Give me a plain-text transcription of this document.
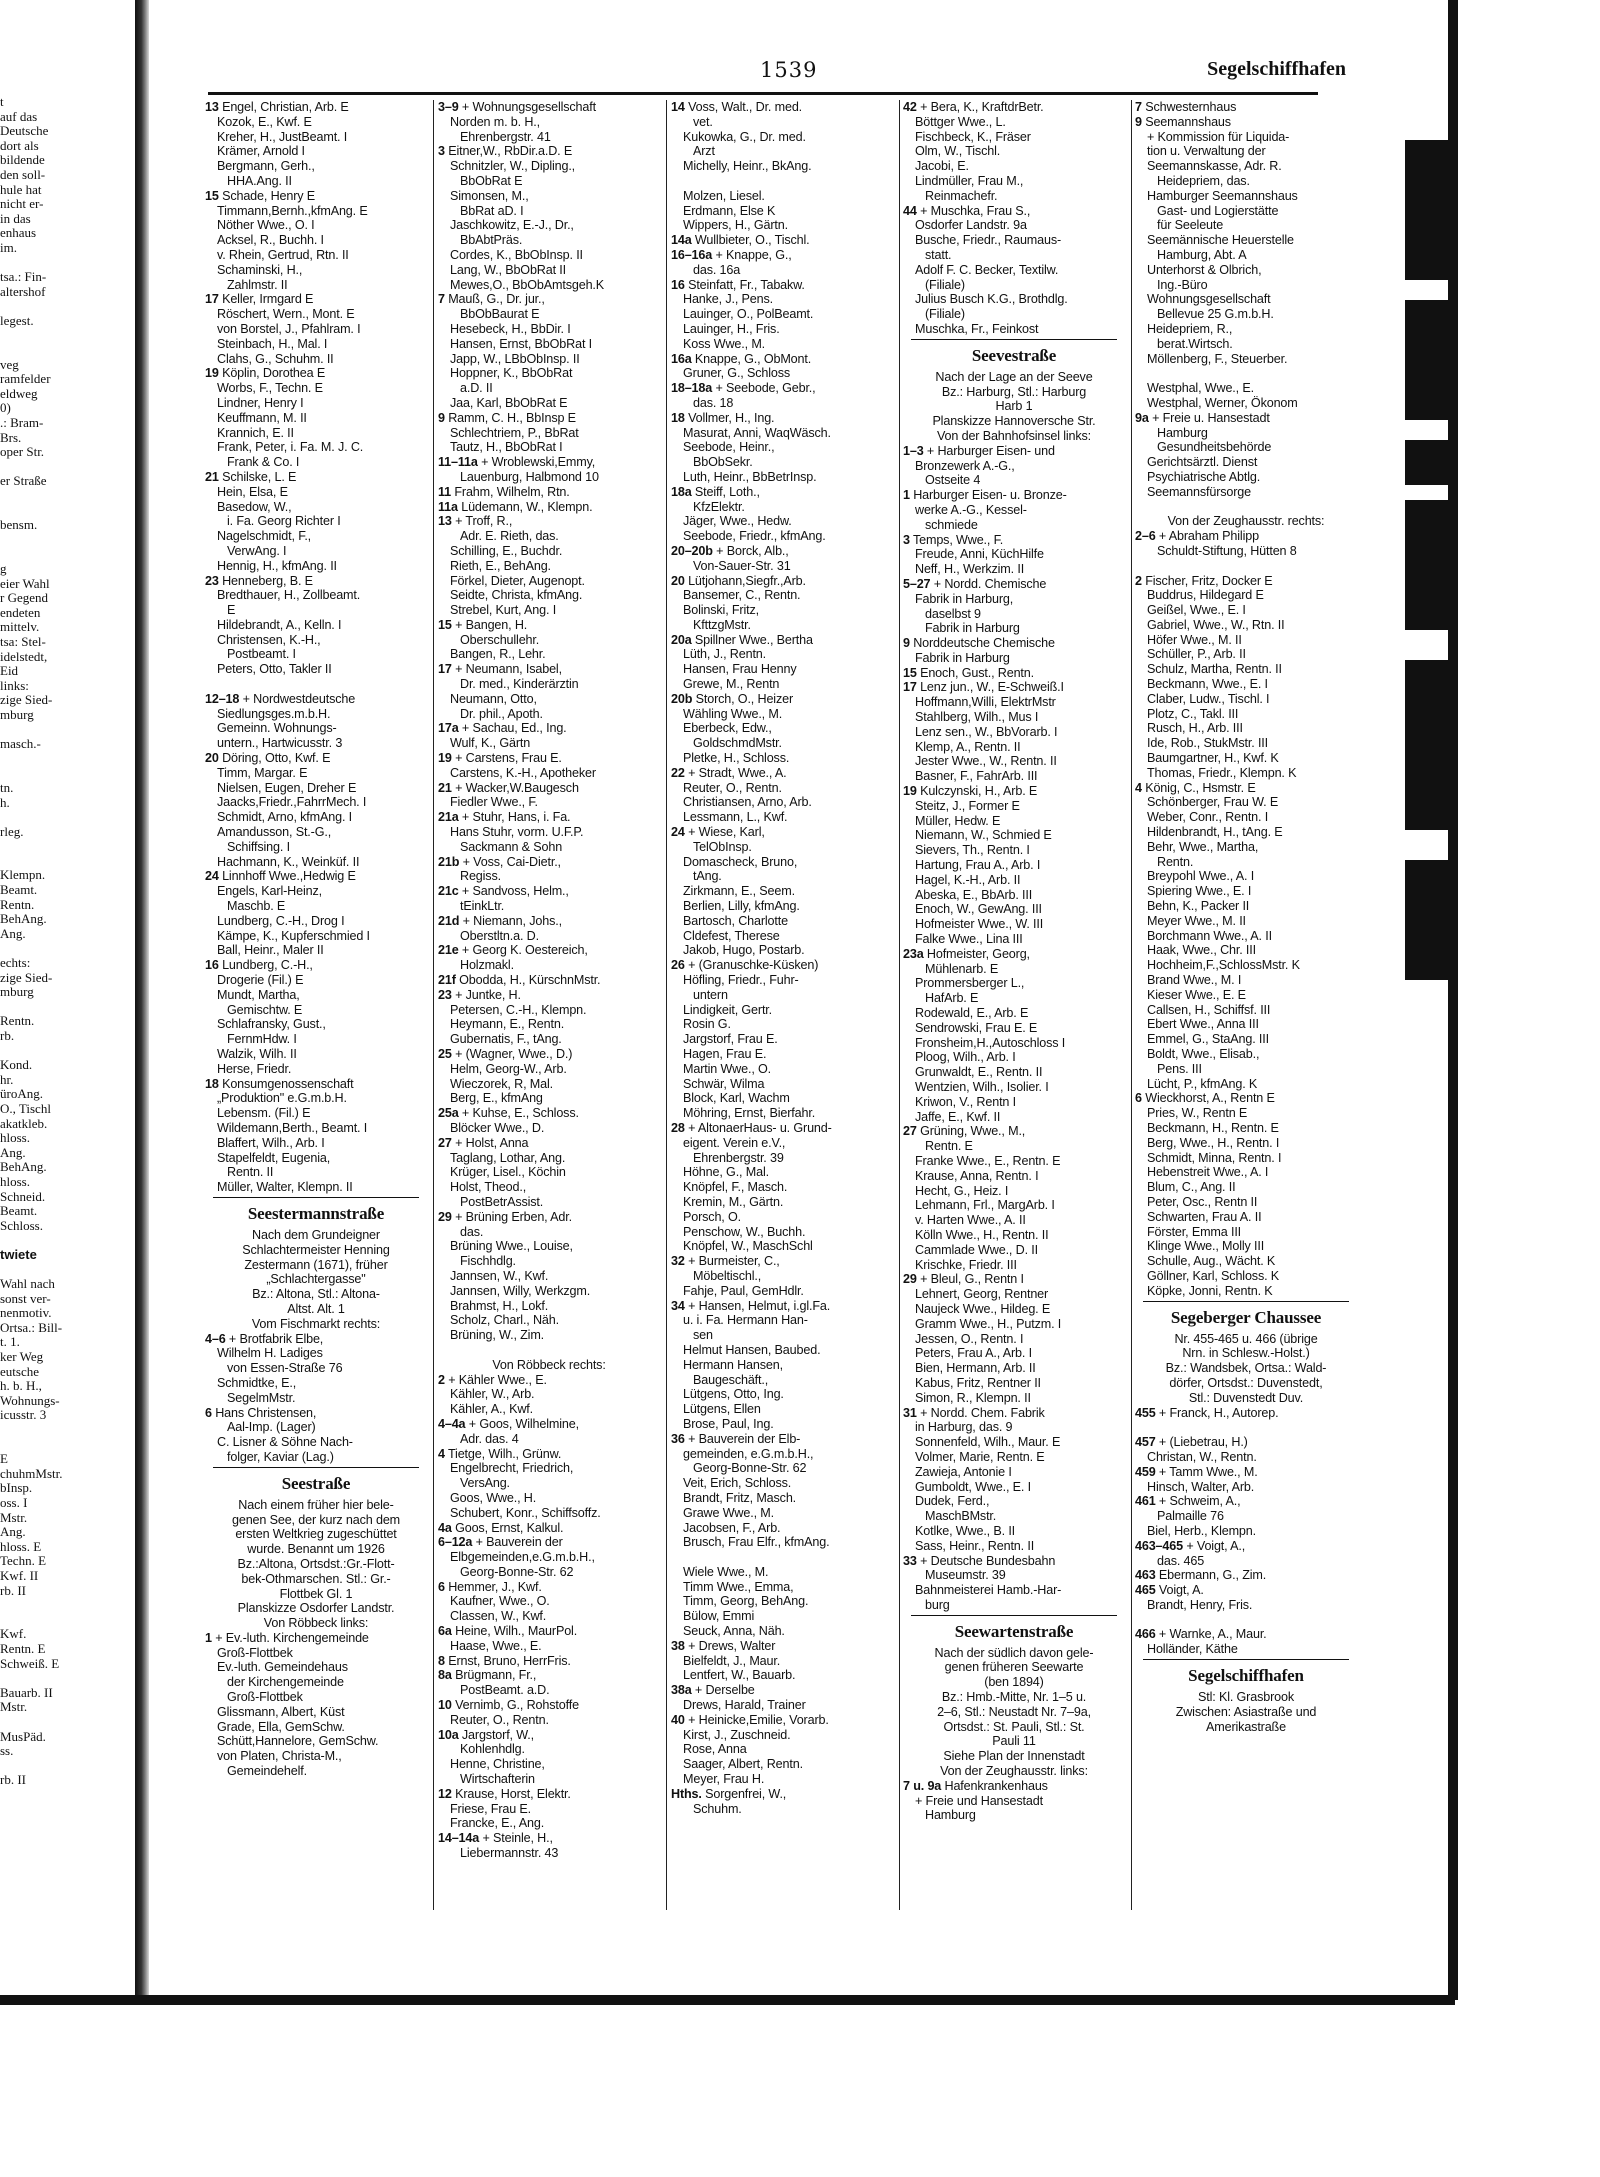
t
auf das
Deutsche
dort als
bildende
den soll-
hule hat
nicht er-
in das
enhaus
im.

tsa.: Fin-
altershof

legest.

veg
ramfelder
eldweg
0)
.: Bram-
Brs.
oper Str.

er Straße

bensm.

g
eier Wahl
r Gegend
endeten
mittelv.
tsa: Stel-
idelstedt,
Eid
links:
zige Sied-
mburg

masch.-

tn.
h.

rleg.

Klempn.
Beamt.
Rentn.
BehAng.
Ang.

echts:
zige Sied-
mburg

Rentn.
rb.

Kond.
hr.
üroAng.
O., Tischl
akatkleb.
hloss.
Ang.
BehAng.
hloss.
Schneid.
Beamt.
Schloss.

twiete

Wahl nach
sonst ver-
nenmotiv.
Ortsa.: Bill-
t. 1.
ker Weg
eutsche
h. b. H.,
Wohnungs-
icusstr. 3

E
chuhmMstr.
bInsp.
oss. I
Mstr.
Ang.
hloss. E
Techn. E
Kwf. II
rb. II

Kwf.
Rentn. E
Schweiß. E

Bauarb. II
Mstr.

MusPäd.
ss.

rb. II
1539	Segelschiffhafen
13 Engel, Christian, Arb. E
Kozok, E., Kwf. E
Kreher, H., JustBeamt. I
Krämer, Arnold I
Bergmann, Gerh.,
HHA.Ang. II
15 Schade, Henry E
Timmann,Bernh.,kfmAng. E
Nöther Wwe., O. I
Acksel, R., Buchh. I
v. Rhein, Gertrud, Rtn. II
Schaminski, H.,
Zahlmstr. II
17 Keller, Irmgard E
Röschert, Wern., Mont. E
von Borstel, J., Pfahlram. I
Steinbach, H., Mal. I
Clahs, G., Schuhm. II
19 Köplin, Dorothea E
Worbs, F., Techn. E
Lindner, Henry I
Keuffmann, M. II
Krannich, E. II
Frank, Peter, i. Fa. M. J. C.
Frank & Co. I
21 Schilske, L. E
Hein, Elsa, E
Basedow, W.,
i. Fa. Georg Richter I
Nagelschmidt, F.,
VerwAng. I
Hennig, H., kfmAng. II
23 Henneberg, B. E
Bredthauer, H., Zollbeamt.
E
Hildebrandt, A., Kelln. I
Christensen, K.-H.,
Postbeamt. I
Peters, Otto, Takler II

12–18 + Nordwestdeutsche
Siedlungsges.m.b.H.
Gemeinn. Wohnungs-
untern., Hartwicusstr. 3
20 Döring, Otto, Kwf. E
Timm, Margar. E
Nielsen, Eugen, Dreher E
Jaacks,Friedr.,FahrrMech. I
Schmidt, Arno, kfmAng. I
Amandusson, St.-G.,
Schiffsing. I
Hachmann, K., Weinküf. II
24 Linnhoff Wwe.,Hedwig E
Engels, Karl-Heinz,
Maschb. E
Lundberg, C.-H., Drog I
Kämpe, K., Kupferschmied I
Ball, Heinr., Maler II
16 Lundberg, C.-H.,
Drogerie (Fil.) E
Mundt, Martha,
Gemischtw. E
Schlafransky, Gust.,
FernmHdw. I
Walzik, Wilh. II
Herse, Friedr.
18 Konsumgenossenschaft
„Produktion" e.G.m.b.H.
Lebensm. (Fil.) E
Wildemann,Berth., Beamt. I
Blaffert, Wilh., Arb. I
Stapelfeldt, Eugenia,
Rentn. II
Müller, Walter, Klempn. II
Seestermannstraße
Nach dem Grundeigner
Schlachtermeister Henning
Zestermann (1671), früher
„Schlachtergasse"
Bz.: Altona, Stl.: Altona-
Altst. Alt. 1
Vom Fischmarkt rechts:
4–6 + Brotfabrik Elbe,
Wilhelm H. Ladiges
von Essen-Straße 76
Schmidtke, E.,
SegelmMstr.
6 Hans Christensen,
Aal-Imp. (Lager)
C. Lisner & Söhne Nach-
folger, Kaviar (Lag.)
Seestraße
Nach einem früher hier bele-
genen See, der kurz nach dem
ersten Weltkrieg zugeschüttet
wurde. Benannt um 1926
Bz.:Altona, Ortsdst.:Gr.-Flott-
bek-Othmarschen. Stl.: Gr.-
Flottbek Gl. 1
Planskizze Osdorfer Landstr.
Von Röbbeck links:
1 + Ev.-luth. Kirchengemeinde
Groß-Flottbek
Ev.-luth. Gemeindehaus
der Kirchengemeinde
Groß-Flottbek
Glissmann, Albert, Küst
Grade, Ella, GemSchw.
Schütt,Hannelore, GemSchw.
von Platen, Christa-M.,
Gemeindehelf.
3–9 + Wohnungsgesellschaft
Norden m. b. H.,
Ehrenbergstr. 41
3 Eitner,W., RbDir.a.D. E
Schnitzler, W., Dipling.,
BbObRat E
Simonsen, M.,
BbRat aD. I
Jaschkowitz, E.-J., Dr.,
BbAbtPräs.
Cordes, K., BbObInsp. II
Lang, W., BbObRat II
Mewes,O., BbObAmtsgeh.K
7 Mauß, G., Dr. jur.,
BbObBaurat E
Hesebeck, H., BbDir. I
Hansen, Ernst, BbObRat I
Japp, W., LBbObInsp. II
Hoppner, K., BbObRat
a.D. II
Jaa, Karl, BbObRat E
9 Ramm, C. H., BbInsp E
Schlechtriem, P., BbRat
Tautz, H., BbObRat I
11–11a + Wroblewski,Emmy,
Lauenburg, Halbmond 10
11 Frahm, Wilhelm, Rtn.
11a Lüdemann, W., Klempn.
13 + Troff, R.,
Adr. E. Rieth, das.
Schilling, E., Buchdr.
Rieth, E., BehAng.
Förkel, Dieter, Augenopt.
Seidte, Christa, kfmAng.
Strebel, Kurt, Ang. I
15 + Bangen, H.
Oberschullehr.
Bangen, R., Lehr.
17 + Neumann, Isabel,
Dr. med., Kinderärztin
Neumann, Otto,
Dr. phil., Apoth.
17a + Sachau, Ed., Ing.
Wulf, K., Gärtn
19 + Carstens, Frau E.
Carstens, K.-H., Apotheker
21 + Wacker,W.Baugesch
Fiedler Wwe., F.
21a + Stuhr, Hans, i. Fa.
Hans Stuhr, vorm. U.F.P.
Sackmann & Sohn
21b + Voss, Cai-Dietr.,
Regiss.
21c + Sandvoss, Helm.,
tEinkLtr.
21d + Niemann, Johs.,
Oberstltn.a. D.
21e + Georg K. Oestereich,
Holzmakl.
21f Obodda, H., KürschnMstr.
23 + Juntke, H.
Petersen, C.-H., Klempn.
Heymann, E., Rentn.
Gubernatis, F., tAng.
25 + (Wagner, Wwe., D.)
Helm, Georg-W., Arb.
Wieczorek, R, Mal.
Berg, E., kfmAng
25a + Kuhse, E., Schloss.
Blöcker Wwe., D.
27 + Holst, Anna
Taglang, Lothar, Ang.
Krüger, Lisel., Köchin
Holst, Theod.,
PostBetrAssist.
29 + Brüning Erben, Adr.
das.
Brüning Wwe., Louise,
Fischhdlg.
Jannsen, W., Kwf.
Jannsen, Willy, Werkzgm.
Brahmst, H., Lokf.
Scholz, Charl., Näh.
Brüning, W., Zim.

Von Röbbeck rechts:
2 + Kähler Wwe., E.
Kähler, W., Arb.
Kähler, A., Kwf.
4–4a + Goos, Wilhelmine,
Adr. das. 4
4 Tietge, Wilh., Grünw.
Engelbrecht, Friedrich,
VersAng.
Goos, Wwe., H.
Schubert, Konr., Schiffsoffz.
4a Goos, Ernst, Kalkul.
6–12a + Bauverein der
Elbgemeinden,e.G.m.b.H.,
Georg-Bonne-Str. 62
6 Hemmer, J., Kwf.
Kaufner, Wwe., O.
Classen, W., Kwf.
6a Heine, Wilh., MaurPol.
Haase, Wwe., E.
8 Ernst, Bruno, HerrFris.
8a Brügmann, Fr.,
PostBeamt. a.D.
10 Vernimb, G., Rohstoffe
Reuter, O., Rentn.
10a Jargstorf, W.,
Kohlenhdlg.
Henne, Christine,
Wirtschafterin
12 Krause, Horst, Elektr.
Friese, Frau E.
Francke, E., Ang.
14–14a + Steinle, H.,
Liebermannstr. 43
14 Voss, Walt., Dr. med.
vet.
Kukowka, G., Dr. med.
Arzt
Michelly, Heinr., BkAng.

Molzen, Liesel.
Erdmann, Else K
Wippers, H., Gärtn.
14a Wullbieter, O., Tischl.
16–16a + Knappe, G.,
das. 16a
16 Steinfatt, Fr., Tabakw.
Hanke, J., Pens.
Lauinger, O., PolBeamt.
Lauinger, H., Fris.
Koss Wwe., M.
16a Knappe, G., ObMont.
Gruner, G., Schloss
18–18a + Seebode, Gebr.,
das. 18
18 Vollmer, H., Ing.
Masurat, Anni, WaqWäsch.
Seebode, Heinr.,
BbObSekr.
Luth, Heinr., BbBetrInsp.
18a Steiff, Loth.,
KfzElektr.
Jäger, Wwe., Hedw.
Seebode, Friedr., kfmAng.
20–20b + Borck, Alb.,
Von-Sauer-Str. 31
20 Lütjohann,Siegfr.,Arb.
Bansemer, C., Rentn.
Bolinski, Fritz,
KfttzgMstr.
20a Spillner Wwe., Bertha
Lüth, J., Rentn.
Hansen, Frau Henny
Grewe, M., Rentn
20b Storch, O., Heizer
Wähling Wwe., M.
Eberbeck, Edw.,
GoldschmdMstr.
Pletke, H., Schloss.
22 + Stradt, Wwe., A.
Reuter, O., Rentn.
Christiansen, Arno, Arb.
Lessmann, L., Kwf.
24 + Wiese, Karl,
TelObInsp.
Domascheck, Bruno,
tAng.
Zirkmann, E., Seem.
Berlien, Lilly, kfmAng.
Bartosch, Charlotte
Cldefest, Therese
Jakob, Hugo, Postarb.
26 + (Granuschke-Küsken)
Höfling, Friedr., Fuhr-
untern
Lindigkeit, Gertr.
Rosin G.
Jargstorf, Frau E.
Hagen, Frau E.
Martin Wwe., O.
Schwär, Wilma
Block, Karl, Wachm
Möhring, Ernst, Bierfahr.
28 + AltonaerHaus- u. Grund-
eigent. Verein e.V.,
Ehrenbergstr. 39
Höhne, G., Mal.
Knöpfel, F., Masch.
Kremin, M., Gärtn.
Porsch, O.
Penschow, W., Buchh.
Knöpfel, W., MaschSchl
32 + Burmeister, C.,
Möbeltischl.,
Fahje, Paul, GemHdlr.
34 + Hansen, Helmut, i.gl.Fa.
u. i. Fa. Hermann Han-
sen
Helmut Hansen, Baubed.
Hermann Hansen,
Baugeschäft.,
Lütgens, Otto, Ing.
Lütgens, Ellen
Brose, Paul, Ing.
36 + Bauverein der Elb-
gemeinden, e.G.m.b.H.,
Georg-Bonne-Str. 62
Veit, Erich, Schloss.
Brandt, Fritz, Masch.
Grawe Wwe., M.
Jacobsen, F., Arb.
Brusch, Frau Elfr., kfmAng.

Wiele Wwe., M.
Timm Wwe., Emma,
Timm, Georg, BehAng.
Bülow, Emmi
Seuck, Anna, Näh.
38 + Drews, Walter
Bielfeldt, J., Maur.
Lentfert, W., Bauarb.
38a + Derselbe
Drews, Harald, Trainer
40 + Heinicke,Emilie, Vorarb.
Kirst, J., Zuschneid.
Rose, Anna
Saager, Albert, Rentn.
Meyer, Frau H.
Hths. Sorgenfrei, W.,
Schuhm.
42 + Bera, K., KraftdrBetr.
Böttger Wwe., L.
Fischbeck, K., Fräser
Olm, W., Tischl.
Jacobi, E.
Lindmüller, Frau M.,
Reinmachefr.
44 + Muschka, Frau S.,
Osdorfer Landstr. 9a
Busche, Friedr., Raumaus-
statt.
Adolf F. C. Becker, Textilw.
(Filiale)
Julius Busch K.G., Brothdlg.
(Filiale)
Muschka, Fr., Feinkost
Seevestraße
Nach der Lage an der Seeve
Bz.: Harburg, Stl.: Harburg
Harb 1
Planskizze Hannoversche Str.
Von der Bahnhofsinsel links:
1–3 + Harburger Eisen- und
Bronzewerk A.-G.,
Ostseite 4
1 Harburger Eisen- u. Bronze-
werke A.-G., Kessel-
schmiede
3 Temps, Wwe., F.
Freude, Anni, KüchHilfe
Neff, H., Werkzim. II
5–27 + Nordd. Chemische
Fabrik in Harburg,
daselbst 9
Fabrik in Harburg
9 Norddeutsche Chemische
Fabrik in Harburg
15 Enoch, Gust., Rentn.
17 Lenz jun., W., E-Schweiß.I
Hoffmann,Willi, ElektrMstr
Stahlberg, Wilh., Mus I
Lenz sen., W., BbVorarb. I
Klemp, A., Rentn. II
Jester Wwe., W., Rentn. II
Basner, F., FahrArb. III
19 Kulczynski, H., Arb. E
Steitz, J., Former E
Müller, Hedw. E
Niemann, W., Schmied E
Sievers, Th., Rentn. I
Hartung, Frau A., Arb. I
Hagel, K.-H., Arb. II
Abeska, E., BbArb. III
Enoch, W., GewAng. III
Hofmeister Wwe., W. III
Falke Wwe., Lina III
23a Hofmeister, Georg,
Mühlenarb. E
Prommersberger L.,
HafArb. E
Rodewald, E., Arb. E
Sendrowski, Frau E. E
Fronsheim,H.,Autoschloss I
Ploog, Wilh., Arb. I
Grunwaldt, E., Rentn. II
Wentzien, Wilh., Isolier. I
Kriwon, V., Rentn I
Jaffe, E., Kwf. II
27 Grüning, Wwe., M.,
Rentn. E
Franke Wwe., E., Rentn. E
Krause, Anna, Rentn. I
Hecht, G., Heiz. I
Lehmann, Frl., MargArb. I
v. Harten Wwe., A. II
Kölln Wwe., H., Rentn. II
Cammlade Wwe., D. II
Krischke, Friedr. III
29 + Bleul, G., Rentn I
Lehnert, Georg, Rentner
Naujeck Wwe., Hildeg. E
Gramm Wwe., H., Putzm. I
Jessen, O., Rentn. I
Peters, Frau A., Arb. I
Bien, Hermann, Arb. II
Kabus, Fritz, Rentner II
Simon, R., Klempn. II
31 + Nordd. Chem. Fabrik
in Harburg, das. 9
Sonnenfeld, Wilh., Maur. E
Volmer, Marie, Rentn. E
Zawieja, Antonie I
Gumboldt, Wwe., E. I
Dudek, Ferd.,
MaschBMstr.
Kotlke, Wwe., B. II
Sass, Heinr., Rentn. II
33 + Deutsche Bundesbahn
Museumstr. 39
Bahnmeisterei Hamb.-Har-
burg
Seewartenstraße
Nach der südlich davon gele-
genen früheren Seewarte
(ben 1894)
Bz.: Hmb.-Mitte, Nr. 1–5 u.
2–6, Stl.: Neustadt Nr. 7–9a,
Ortsdst.: St. Pauli, Stl.: St.
Pauli 11
Siehe Plan der Innenstadt
Von der Zeughausstr. links:
7 u. 9a Hafenkrankenhaus
+ Freie und Hansestadt
Hamburg
7 Schwesternhaus
9 Seemannshaus
+ Kommission für Liquida-
tion u. Verwaltung der
Seemannskasse, Adr. R.
Heidepriem, das.
Hamburger Seemannshaus
Gast- und Logierstätte
für Seeleute
Seemännische Heuerstelle
Hamburg, Abt. A
Unterhorst & Olbrich,
Ing.-Büro
Wohnungsgesellschaft
Bellevue 25 G.m.b.H.
Heidepriem, R.,
berat.Wirtsch.
Möllenberg, F., Steuerber.

Westphal, Wwe., E.
Westphal, Werner, Ökonom
9a + Freie u. Hansestadt
Hamburg
Gesundheitsbehörde
Gerichtsärztl. Dienst
Psychiatrische Abtlg.
Seemannsfürsorge

Von der Zeughausstr. rechts:
2–6 + Abraham Philipp
Schuldt-Stiftung, Hütten 8

2 Fischer, Fritz, Docker E
Buddrus, Hildegard E
Geißel, Wwe., E. I
Gabriel, Wwe., W., Rtn. II
Höfer Wwe., M. II
Schüller, P., Arb. II
Schulz, Martha, Rentn. II
Beckmann, Wwe., E. I
Claber, Ludw., Tischl. I
Plotz, C., Takl. III
Rusch, H., Arb. III
Ide, Rob., StukMstr. III
Baumgartner, H., Kwf. K
Thomas, Friedr., Klempn. K
4 König, C., Hsmstr. E
Schönberger, Frau W. E
Weber, Conr., Rentn. I
Hildenbrandt, H., tAng. E
Behr, Wwe., Martha,
Rentn.
Breypohl Wwe., A. I
Spiering Wwe., E. I
Behn, K., Packer II
Meyer Wwe., M. II
Borchmann Wwe., A. II
Haak, Wwe., Chr. III
Hochheim,F.,SchlossMstr. K
Brand Wwe., M. I
Kieser Wwe., E. E
Callsen, H., Schiffsf. III
Ebert Wwe., Anna III
Emmel, G., StaAng. III
Boldt, Wwe., Elisab.,
Pens. III
Lücht, P., kfmAng. K
6 Wieckhorst, A., Rentn E
Pries, W., Rentn E
Beckmann, H., Rentn. E
Berg, Wwe., H., Rentn. I
Schmidt, Minna, Rentn. I
Hebenstreit Wwe., A. I
Blum, C., Ang. II
Peter, Osc., Rentn II
Schwarten, Frau A. II
Förster, Emma III
Klinge Wwe., Molly III
Schulle, Aug., Wächt. K
Göllner, Karl, Schloss. K
Köpke, Jonni, Rentn. K
Segeberger Chaussee
Nr. 455-465 u. 466 (übrige
Nrn. in Schlesw.-Holst.)
Bz.: Wandsbek, Ortsa.: Wald-
dörfer, Ortsdst.: Duvenstedt,
Stl.: Duvenstedt Duv.
455 + Franck, H., Autorep.

457 + (Liebetrau, H.)
Christan, W., Rentn.
459 + Tamm Wwe., M.
Hinsch, Walter, Arb.
461 + Schweim, A.,
Palmaille 76
Biel, Herb., Klempn.
463–465 + Voigt, A.,
das. 465
463 Ebermann, G., Zim.
465 Voigt, A.
Brandt, Henry, Fris.

466 + Warnke, A., Maur.
Holländer, Käthe
Segelschiffhafen
Stl: Kl. Grasbrook
Zwischen: Asiastraße und
Amerikastraße
